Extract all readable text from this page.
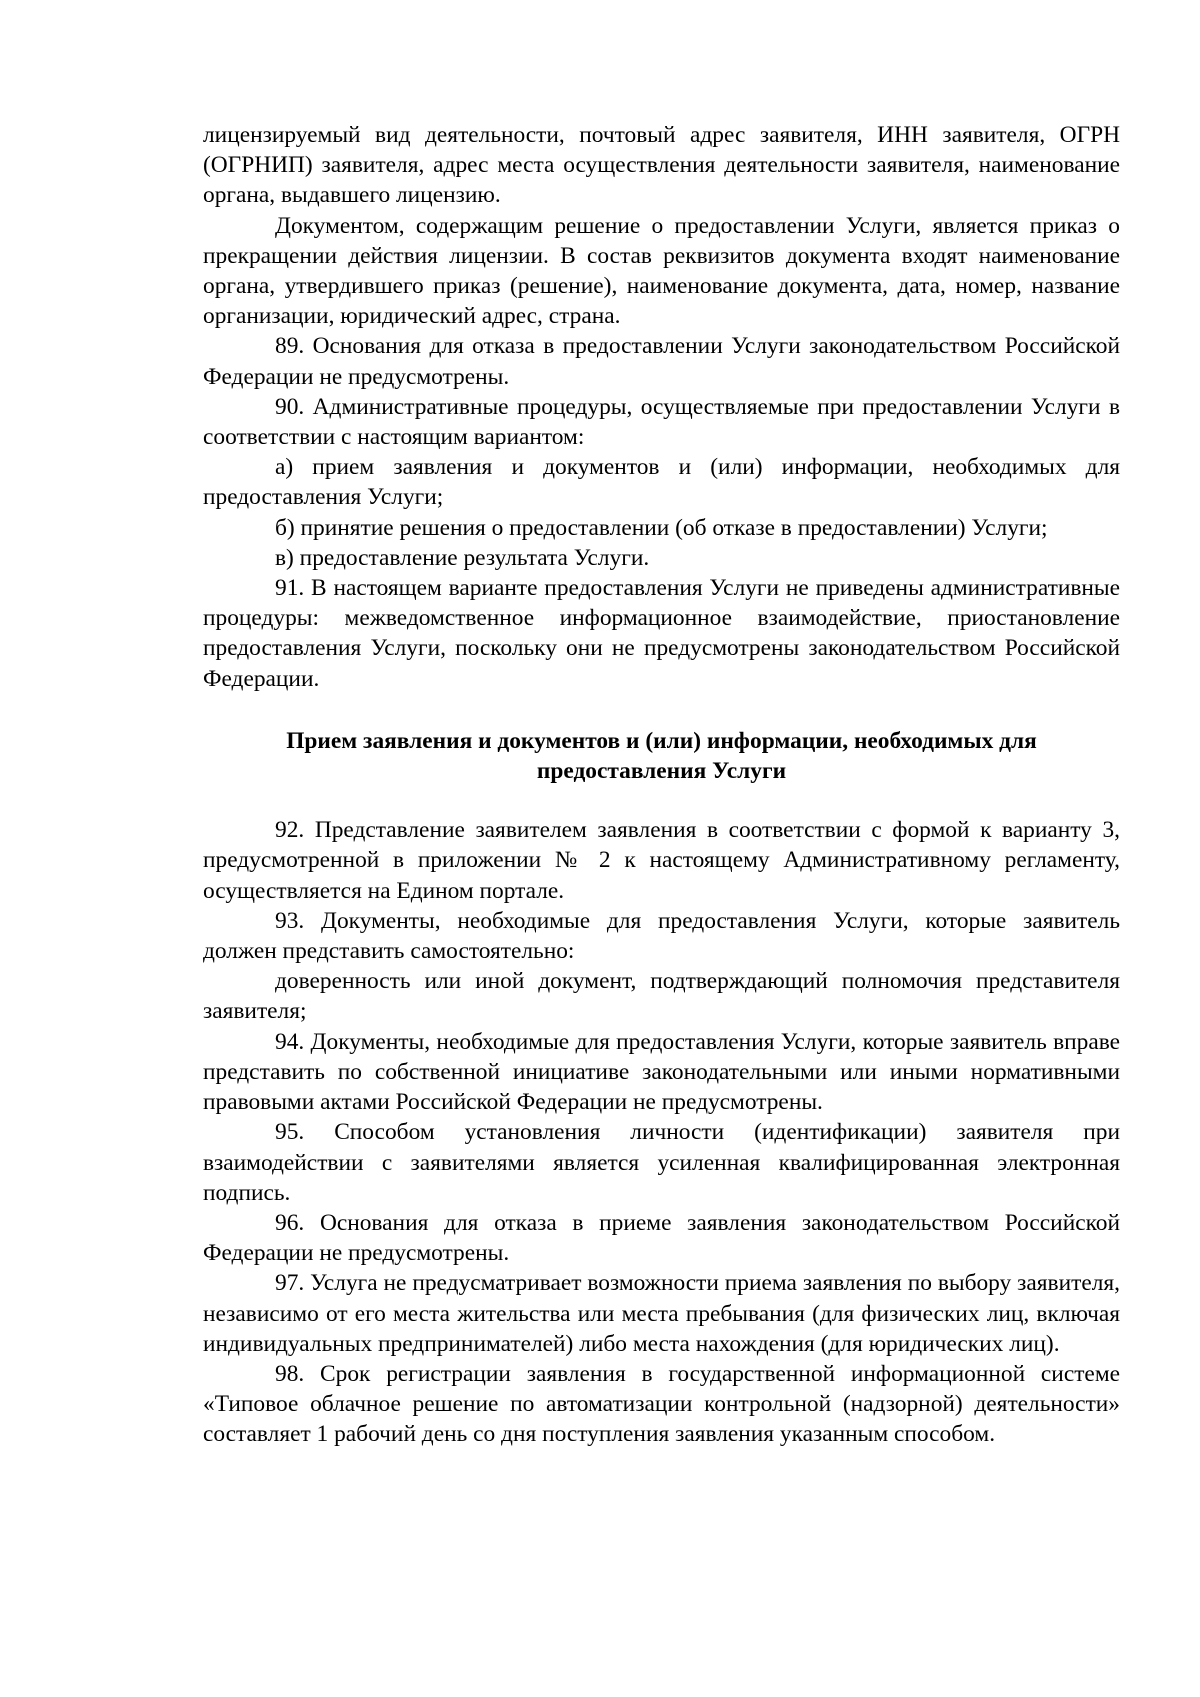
лицензируемый вид деятельности, почтовый адрес заявителя, ИНН заявителя, ОГРН (ОГРНИП) заявителя, адрес места осуществления деятельности заявителя, наименование органа, выдавшего лицензию.

Документом, содержащим решение о предоставлении Услуги, является приказ о прекращении действия лицензии. В состав реквизитов документа входят наименование органа, утвердившего приказ (решение), наименование документа, дата, номер, название организации, юридический адрес, страна.

89. Основания для отказа в предоставлении Услуги законодательством Российской Федерации не предусмотрены.

90. Административные процедуры, осуществляемые при предоставлении Услуги в соответствии с настоящим вариантом:

а) прием заявления и документов и (или) информации, необходимых для предоставления Услуги;

б) принятие решения о предоставлении (об отказе в предоставлении) Услуги;

в) предоставление результата Услуги.

91. В настоящем варианте предоставления Услуги не приведены административные процедуры: межведомственное информационное взаимодействие, приостановление предоставления Услуги, поскольку они не предусмотрены законодательством Российской Федерации.

Прием заявления и документов и (или) информации, необходимых для предоставления Услуги

92. Представление заявителем заявления в соответствии с формой к варианту 3, предусмотренной в приложении № 2 к настоящему Административному регламенту, осуществляется на Едином портале.

93. Документы, необходимые для предоставления Услуги, которые заявитель должен представить самостоятельно:

доверенность или иной документ, подтверждающий полномочия представителя заявителя;

94. Документы, необходимые для предоставления Услуги, которые заявитель вправе представить по собственной инициативе законодательными или иными нормативными правовыми актами Российской Федерации не предусмотрены.

95. Способом установления личности (идентификации) заявителя при взаимодействии с заявителями является усиленная квалифицированная электронная подпись.

96. Основания для отказа в приеме заявления законодательством Российской Федерации не предусмотрены.

97. Услуга не предусматривает возможности приема заявления по выбору заявителя, независимо от его места жительства или места пребывания (для физических лиц, включая индивидуальных предпринимателей) либо места нахождения (для юридических лиц).

98. Срок регистрации заявления в государственной информационной системе «Типовое облачное решение по автоматизации контрольной (надзорной) деятельности» составляет 1 рабочий день со дня поступления заявления указанным способом.
